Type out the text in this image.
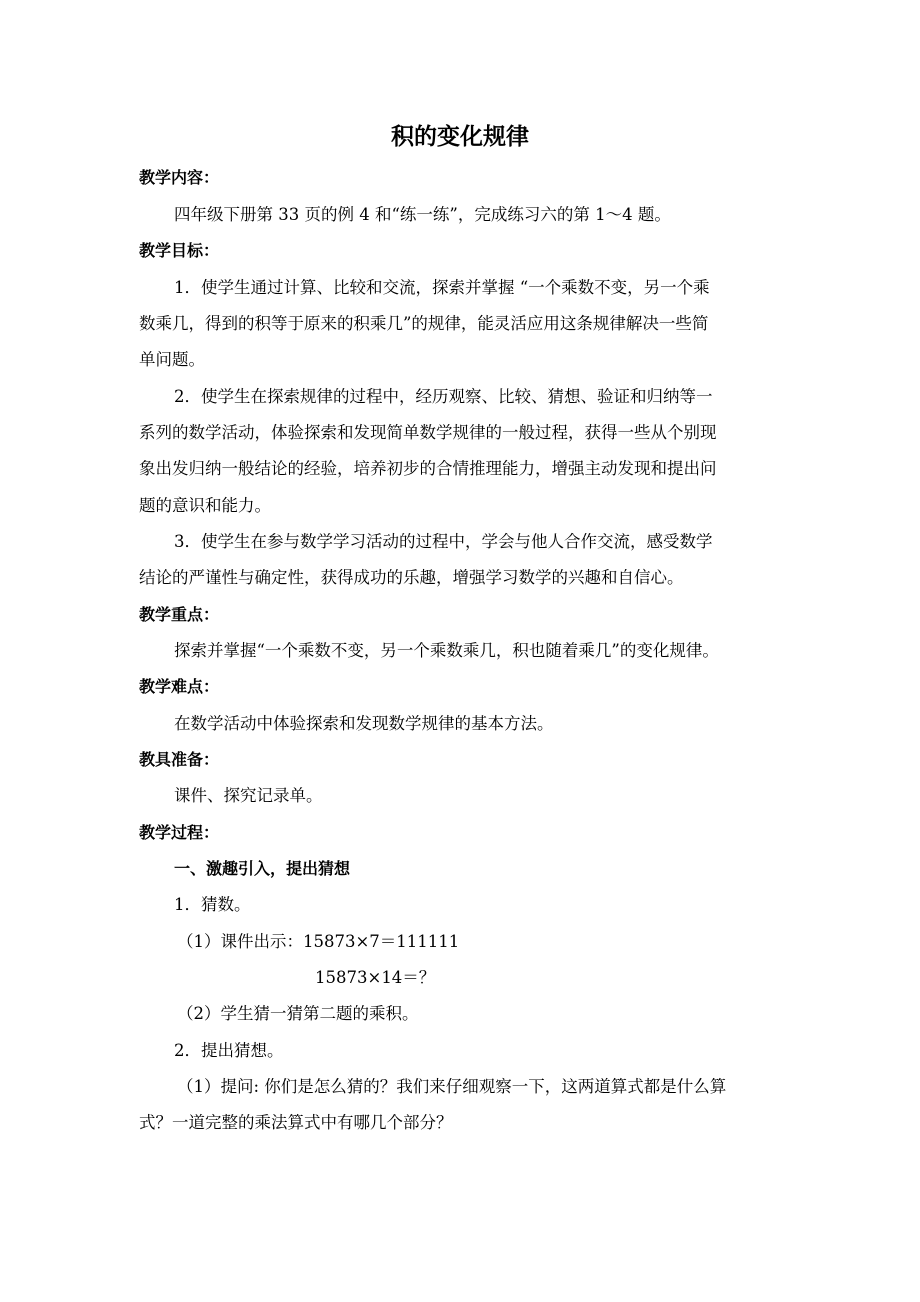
积的变化规律
教学内容：
四年级下册第 33 页的例 4 和“练一练”，完成练习六的第 1～4 题。
教学目标：
1．使学生通过计算、比较和交流，探索并掌握 “一个乘数不变，另一个乘
数乘几，得到的积等于原来的积乘几”的规律，能灵活应用这条规律解决一些简
单问题。
2．使学生在探索规律的过程中，经历观察、比较、猜想、验证和归纳等一
系列的数学活动，体验探索和发现简单数学规律的一般过程，获得一些从个别现
象出发归纳一般结论的经验，培养初步的合情推理能力，增强主动发现和提出问
题的意识和能力。
3．使学生在参与数学学习活动的过程中，学会与他人合作交流，感受数学
结论的严谨性与确定性，获得成功的乐趣，增强学习数学的兴趣和自信心。
教学重点：
探索并掌握“一个乘数不变，另一个乘数乘几，积也随着乘几”的变化规律。
教学难点：
在数学活动中体验探索和发现数学规律的基本方法。
教具准备：
课件、探究记录单。
教学过程：
一、激趣引入，提出猜想
1．猜数。
（1）课件出示：15873×7＝111111
15873×14＝？
（2）学生猜一猜第二题的乘积。
2．提出猜想。
（1）提问: 你们是怎么猜的？我们来仔细观察一下，这两道算式都是什么算
式？一道完整的乘法算式中有哪几个部分？
